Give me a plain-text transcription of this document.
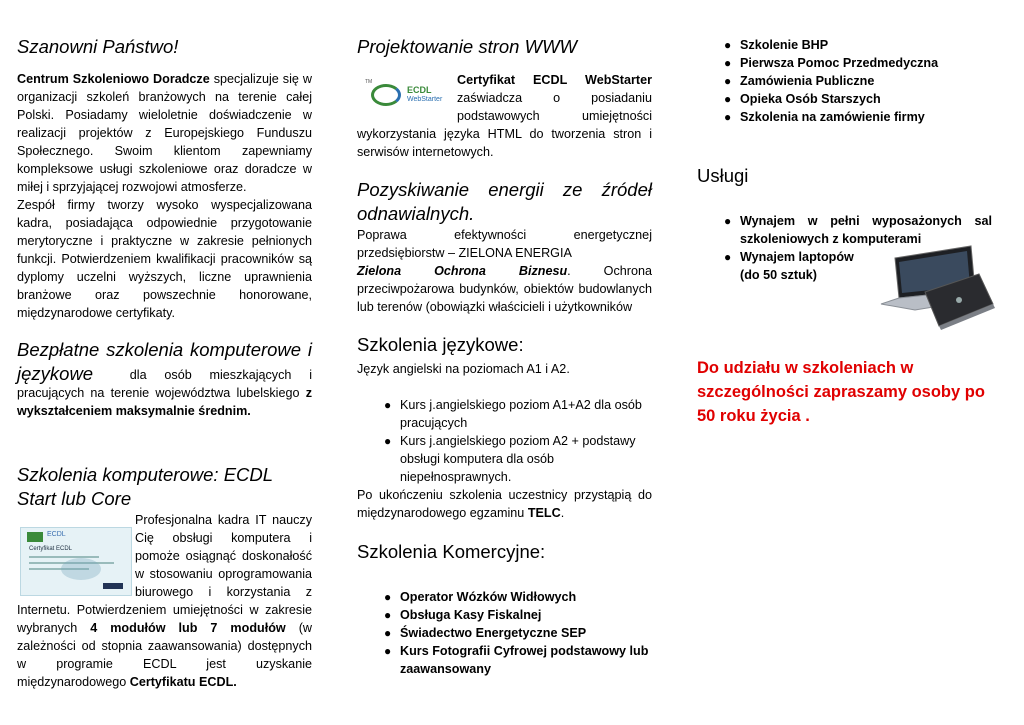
Szanowni Państwo!

Centrum Szkoleniowo Doradcze specjalizuje się w organizacji szkoleń branżowych na terenie całej Polski. Posiadamy wieloletnie doświadczenie w realizacji projektów z Europejskiego Funduszu Społecznego. Swoim klientom zapewniamy kompleksowe usługi szkoleniowe oraz doradcze w miłej i sprzyjającej rozwojowi atmosferze.

Zespół firmy tworzy wysoko wyspecjalizowana kadra, posiadająca odpowiednie przygotowanie merytoryczne i praktyczne w zakresie pełnionych funkcji. Potwierdzeniem kwalifikacji pracowników są dyplomy uczelni wyższych, liczne uprawnienia branżowe oraz powszechnie honorowane, międzynarodowe certyfikaty.

Bezpłatne szkolenia komputerowe i językowe	dla osób mieszkających i pracujących na terenie województwa lubelskiego z wykształceniem maksymalnie średnim.

Szkolenia komputerowe: ECDL Start lub Core
ECDL
Certyfikat ECDL

Profesjonalna kadra IT nauczy Cię obsługi komputera i pomoże osiągnąć doskonałość w stosowaniu oprogramowania biurowego i korzystania z Internetu. Potwierdzeniem umiejętności w zakresie wybranych 4 modułów lub 7 modułów (w zależności od stopnia zaawansowania) dostępnych w programie ECDL jest uzyskanie międzynarodowego Certyfikatu ECDL.

Projektowanie stron WWW
TM
ECDL
WebStarter

Certyfikat ECDL WebStarter zaświadcza o posiadaniu podstawowych umiejętności wykorzystania języka HTML do tworzenia stron i serwisów internetowych.

Pozyskiwanie energii ze źródeł odnawialnych.

Poprawa efektywności energetycznej przedsiębiorstw – ZIELONA ENERGIA
Zielona Ochrona Biznesu. Ochrona przeciwpożarowa budynków, obiektów budowlanych lub terenów (obowiązki właścicieli i użytkowników

Szkolenia językowe:

Język angielski na poziomach A1 i A2.

● Kurs j.angielskiego poziom A1+A2 dla osób pracujących
● Kurs j.angielskiego poziom A2 + podstawy obsługi komputera dla osób niepełnosprawnych.

Po ukończeniu szkolenia uczestnicy przystąpią do międzynarodowego egzaminu TELC.

Szkolenia Komercyjne:
● Operator Wózków Widłowych
● Obsługa Kasy Fiskalnej
● Świadectwo Energetyczne SEP
● Kurs Fotografii Cyfrowej podstawowy lub zaawansowany
● Szkolenie BHP
● Pierwsza Pomoc Przedmedyczna
● Zamówienia Publiczne
● Opieka Osób Starszych
● Szkolenia na zamówienie firmy
Usługi
● Wynajem w pełni wyposażonych sal szkoleniowych z komputerami
● Wynajem laptopów
(do 50 sztuk)
Do udziału w szkoleniach w szczególności zapraszamy osoby po 50 roku życia .
